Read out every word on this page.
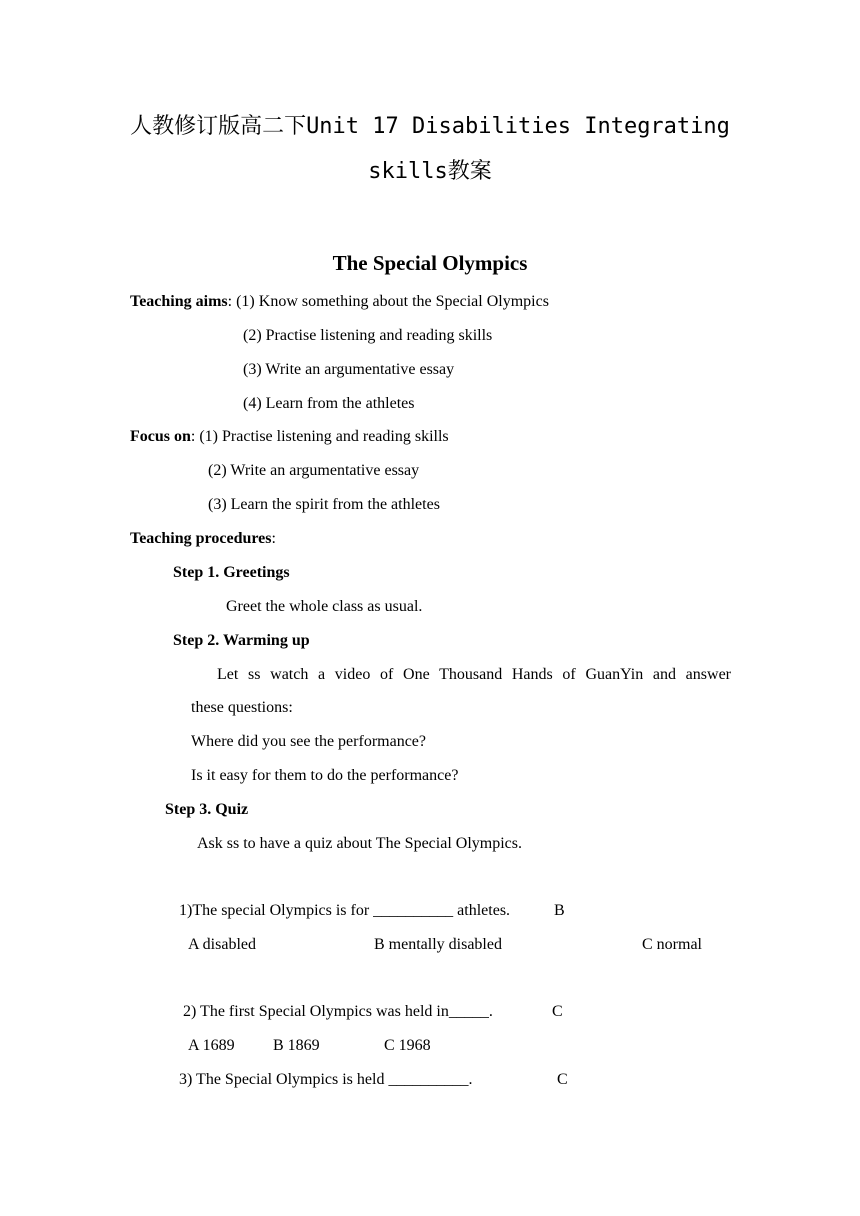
人教修订版高二下Unit 17 Disabilities Integrating
skills教案
The Special Olympics
Teaching aims: (1) Know something about the Special Olympics
(2) Practise listening and reading skills
(3) Write an argumentative essay
(4) Learn from the athletes
Focus on: (1) Practise listening and reading skills
(2) Write an argumentative essay
(3) Learn the spirit from the athletes
Teaching procedures:
Step 1. Greetings
Greet the whole class as usual.
Step 2. Warming up
Let ss watch a video of One Thousand Hands of GuanYin and answer
these questions:
Where did you see the performance?
Is it easy for them to do the performance?
Step 3. Quiz
Ask ss to have a quiz about The Special Olympics.
1)The special Olympics is for __________ athletes.	B
A disabled	B mentally disabled	C normal
2) The first Special Olympics was held in_____.	C
A 1689 B 1869	C 1968
3) The Special Olympics is held __________.	C
